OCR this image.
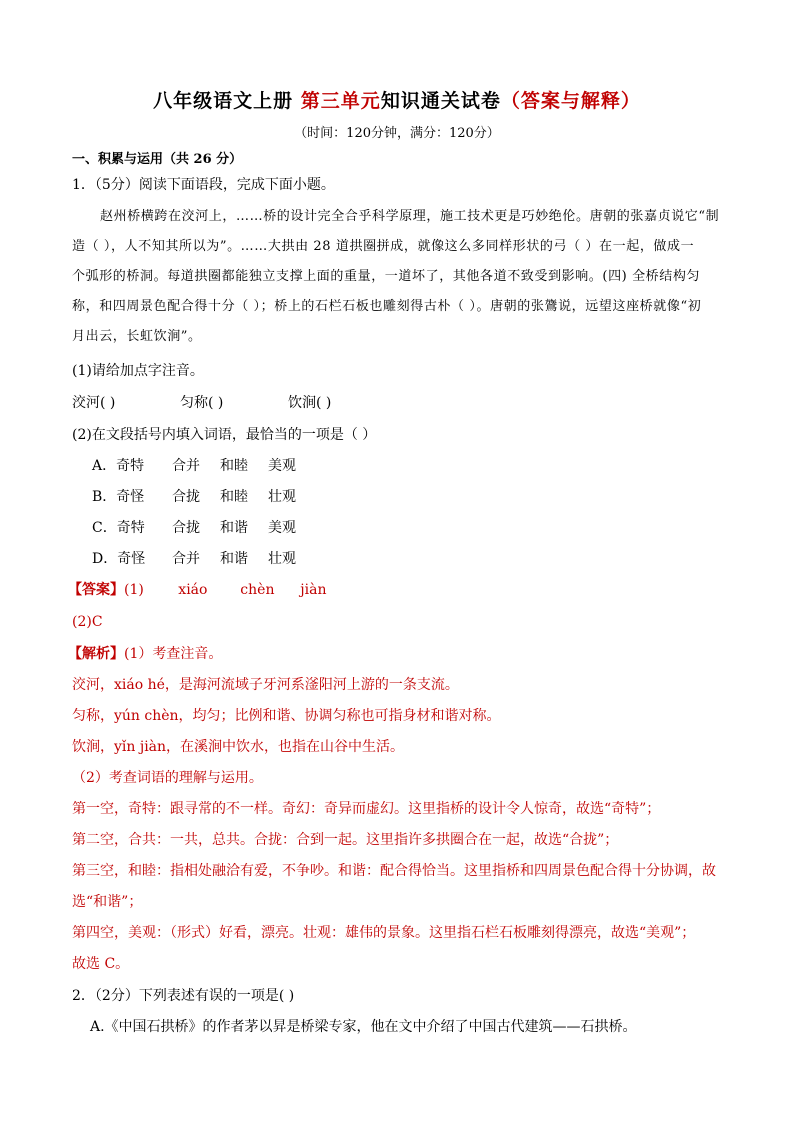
八年级语文上册 第三单元知识通关试卷（答案与解释）
（时间：120分钟，满分：120分）
一、积累与运用（共 26 分）
1．（5分）阅读下面语段，完成下面小题。
赵州桥横跨在洨河上，……桥的设计完全合乎科学原理，施工技术更是巧妙绝伦。唐朝的张嘉贞说它“制
造（ ），人不知其所以为”。……大拱由 28 道拱圈拼成，就像这么多同样形状的弓（ ）在一起，做成一
个弧形的桥洞。每道拱圈都能独立支撑上面的重量，一道坏了，其他各道不致受到影响。(四) 全桥结构匀
称，和四周景色配合得十分（ ）；桥上的石栏石板也雕刻得古朴（ ）。唐朝的张鷟说，远望这座桥就像“初
月出云，长虹饮涧”。
(1)请给加点字注音。
洨河( )	匀称( )	饮涧( )
(2)在文段括号内填入词语，最恰当的一项是（ ）
A．奇特 合并 和睦 美观
B．奇怪 合拢 和睦 壮观
C．奇特 合拢 和谐 美观
D．奇怪 合并 和谐 壮观
【答案】(1) xiáo chèn jiàn
(2)C
【解析】(1）考查注音。
洨河，xiáo hé，是海河流域子牙河系滏阳河上游的一条支流。
匀称，yún chèn，均匀；比例和谐、协调匀称也可指身材和谐对称。
饮涧，yǐn jiàn，在溪涧中饮水，也指在山谷中生活。
（2）考查词语的理解与运用。
第一空，奇特：跟寻常的不一样。奇幻：奇异而虚幻。这里指桥的设计令人惊奇，故选“奇特”；
第二空，合共：一共，总共。合拢：合到一起。这里指许多拱圈合在一起，故选“合拢”；
第三空，和睦：指相处融洽有爱，不争吵。和谐：配合得恰当。这里指桥和四周景色配合得十分协调，故
选“和谐”；
第四空，美观：（形式）好看，漂亮。壮观：雄伟的景象。这里指石栏石板雕刻得漂亮，故选“美观”；
故选 C。
2．（2分）下列表述有误的一项是( )
A.《中国石拱桥》的作者茅以昇是桥梁专家，他在文中介绍了中国古代建筑——石拱桥。
